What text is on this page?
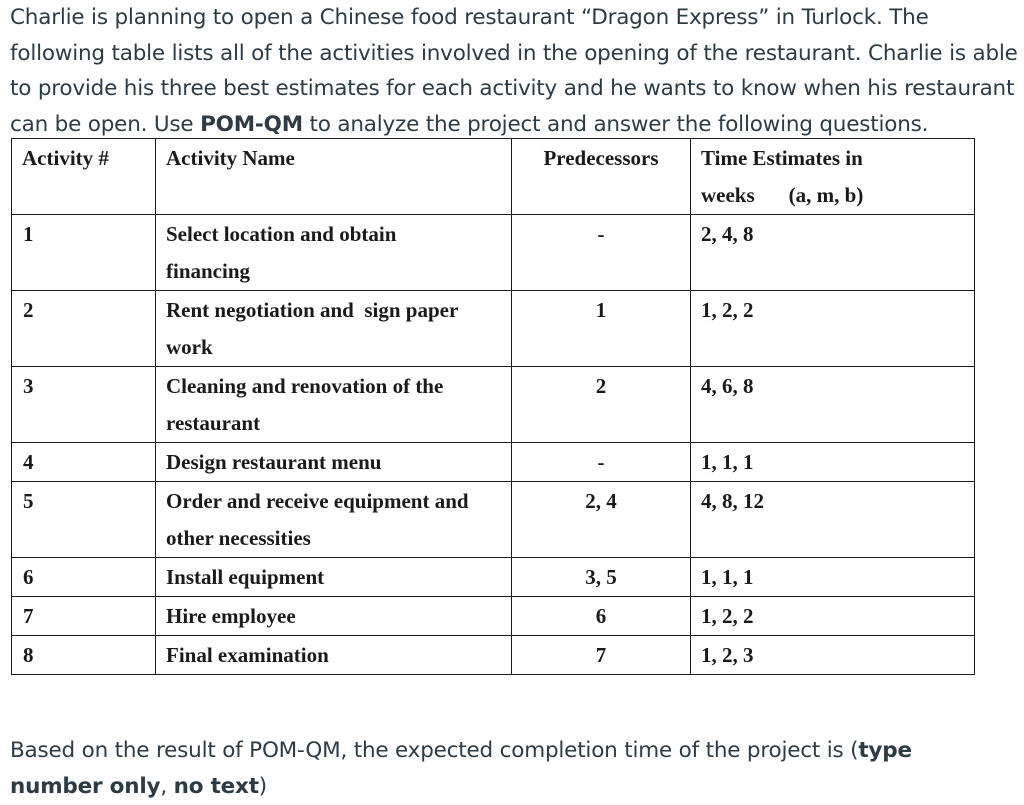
Charlie is planning to open a Chinese food restaurant “Dragon Express” in Turlock. The following table lists all of the activities involved in the opening of the restaurant. Charlie is able to provide his three best estimates for each activity and he wants to know when his restaurant can be open. Use POM-QM to analyze the project and answer the following questions.

Activity #	Activity Name	Predecessors	Time Estimates in
weeks (a, m, b)
1	Select location and obtain financing	-	2, 4, 8
2	Rent negotiation and  sign paper work	1	1, 2, 2
3	Cleaning and renovation of the restaurant	2	4, 6, 8
4	Design restaurant menu	-	1, 1, 1
5	Order and receive equipment and other necessities	2, 4	4, 8, 12
6	Install equipment	3, 5	1, 1, 1
7	Hire employee	6	1, 2, 2
8	Final examination	7	1, 2, 3

Based on the result of POM-QM, the expected completion time of the project is (type number only, no text)
